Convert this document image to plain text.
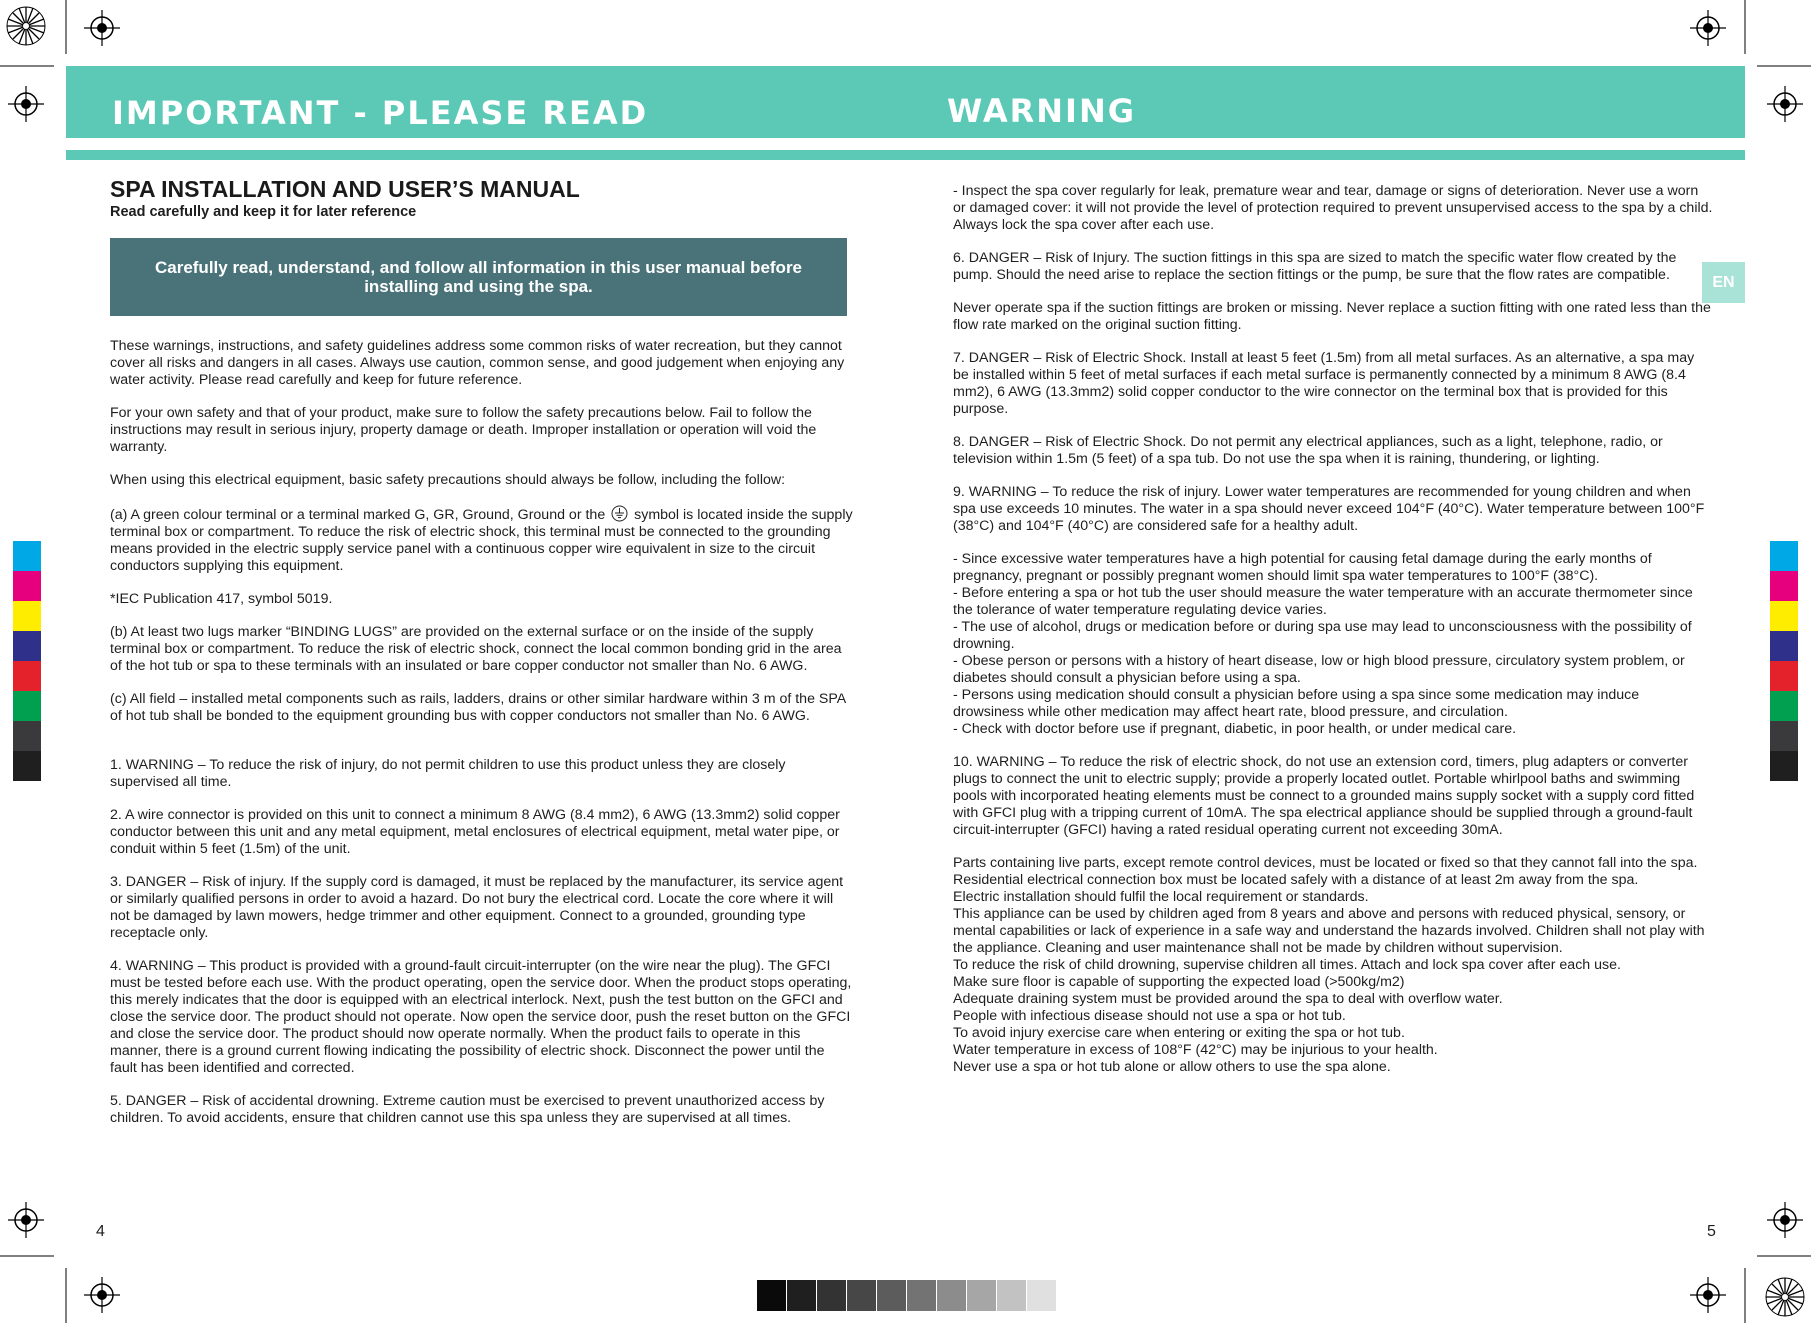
IMPORTANT - PLEASE READ	WARNING
EN
SPA INSTALLATION AND USER’S MANUAL
Read carefully and keep it for later reference
Carefully read, understand, and follow all information in this user manual before installing and using the spa.

These warnings, instructions, and safety guidelines address some common risks of water recreation, but they cannot cover all risks and dangers in all cases. Always use caution, common sense, and good judgement when enjoying any water activity. Please read carefully and keep for future reference.

For your own safety and that of your product, make sure to follow the safety precautions below. Fail to follow the instructions may result in serious injury, property damage or death. Improper installation or operation will void the warranty.

When using this electrical equipment, basic safety precautions should always be follow, including the follow:

(a) A green colour terminal or a terminal marked G, GR, Ground, Ground or the symbol is located inside the supply terminal box or compartment. To reduce the risk of electric shock, this terminal must be connected to the grounding means provided in the electric supply service panel with a continuous copper wire equivalent in size to the circuit conductors supplying this equipment.

*IEC Publication 417, symbol 5019.

(b) At least two lugs marker “BINDING LUGS” are provided on the external surface or on the inside of the supply terminal box or compartment. To reduce the risk of electric shock, connect the local common bonding grid in the area of the hot tub or spa to these terminals with an insulated or bare copper conductor not smaller than No. 6 AWG.

(c) All field – installed metal components such as rails, ladders, drains or other similar hardware within 3 m of the SPA of hot tub shall be bonded to the equipment grounding bus with copper conductors not smaller than No. 6 AWG.

1. WARNING – To reduce the risk of injury, do not permit children to use this product unless they are closely supervised all time.

2. A wire connector is provided on this unit to connect a minimum 8 AWG (8.4 mm2), 6 AWG (13.3mm2) solid copper conductor between this unit and any metal equipment, metal enclosures of electrical equipment, metal water pipe, or conduit within 5 feet (1.5m) of the unit.

3. DANGER – Risk of injury. If the supply cord is damaged, it must be replaced by the manufacturer, its service agent or similarly qualified persons in order to avoid a hazard. Do not bury the electrical cord. Locate the core where it will not be damaged by lawn mowers, hedge trimmer and other equipment. Connect to a grounded, grounding type receptacle only.

4. WARNING – This product is provided with a ground-fault circuit-interrupter (on the wire near the plug). The GFCI must be tested before each use. With the product operating, open the service door. When the product stops operating, this merely indicates that the door is equipped with an electrical interlock. Next, push the test button on the GFCI and close the service door. The product should not operate. Now open the service door, push the reset button on the GFCI and close the service door. The product should now operate normally. When the product fails to operate in this manner, there is a ground current flowing indicating the possibility of electric shock. Disconnect the power until the fault has been identified and corrected.

5. DANGER – Risk of accidental drowning. Extreme caution must be exercised to prevent unauthorized access by children. To avoid accidents, ensure that children cannot use this spa unless they are supervised at all times.

4

- Inspect the spa cover regularly for leak, premature wear and tear, damage or signs of deterioration. Never use a worn or damaged cover: it will not provide the level of protection required to prevent unsupervised access to the spa by a child. Always lock the spa cover after each use.

6. DANGER – Risk of Injury. The suction fittings in this spa are sized to match the specific water flow created by the pump. Should the need arise to replace the section fittings or the pump, be sure that the flow rates are compatible.

Never operate spa if the suction fittings are broken or missing. Never replace a suction fitting with one rated less than the flow rate marked on the original suction fitting.

7. DANGER – Risk of Electric Shock. Install at least 5 feet (1.5m) from all metal surfaces. As an alternative, a spa may be installed within 5 feet of metal surfaces if each metal surface is permanently connected by a minimum 8 AWG (8.4 mm2), 6 AWG (13.3mm2) solid copper conductor to the wire connector on the terminal box that is provided for this purpose.

8. DANGER – Risk of Electric Shock. Do not permit any electrical appliances, such as a light, telephone, radio, or television within 1.5m (5 feet) of a spa tub. Do not use the spa when it is raining, thundering, or lighting.

9. WARNING – To reduce the risk of injury. Lower water temperatures are recommended for young children and when spa use exceeds 10 minutes. The water in a spa should never exceed 104°F (40°C). Water temperature between 100°F (38°C) and 104°F (40°C) are considered safe for a healthy adult.

- Since excessive water temperatures have a high potential for causing fetal damage during the early months of pregnancy, pregnant or possibly pregnant women should limit spa water temperatures to 100°F (38°C).

- Before entering a spa or hot tub the user should measure the water temperature with an accurate thermometer since the tolerance of water temperature regulating device varies.

- The use of alcohol, drugs or medication before or during spa use may lead to unconsciousness with the possibility of drowning.

- Obese person or persons with a history of heart disease, low or high blood pressure, circulatory system problem, or diabetes should consult a physician before using a spa.

- Persons using medication should consult a physician before using a spa since some medication may induce drowsiness while other medication may affect heart rate, blood pressure, and circulation.

- Check with doctor before use if pregnant, diabetic, in poor health, or under medical care.

10. WARNING – To reduce the risk of electric shock, do not use an extension cord, timers, plug adapters or converter plugs to connect the unit to electric supply; provide a properly located outlet. Portable whirlpool baths and swimming pools with incorporated heating elements must be connect to a grounded mains supply socket with a supply cord fitted with GFCI plug with a tripping current of 10mA. The spa electrical appliance should be supplied through a ground-fault circuit-interrupter (GFCI) having a rated residual operating current not exceeding 30mA.

Parts containing live parts, except remote control devices, must be located or fixed so that they cannot fall into the spa.

Residential electrical connection box must be located safely with a distance of at least 2m away from the spa.

Electric installation should fulfil the local requirement or standards.

This appliance can be used by children aged from 8 years and above and persons with reduced physical, sensory, or mental capabilities or lack of experience in a safe way and understand the hazards involved. Children shall not play with the appliance. Cleaning and user maintenance shall not be made by children without supervision.

To reduce the risk of child drowning, supervise children all times. Attach and lock spa cover after each use.

Make sure floor is capable of supporting the expected load (>500kg/m2)

Adequate draining system must be provided around the spa to deal with overflow water.

People with infectious disease should not use a spa or hot tub.

To avoid injury exercise care when entering or exiting the spa or hot tub.

Water temperature in excess of 108°F (42°C) may be injurious to your health.

Never use a spa or hot tub alone or allow others to use the spa alone.

5
